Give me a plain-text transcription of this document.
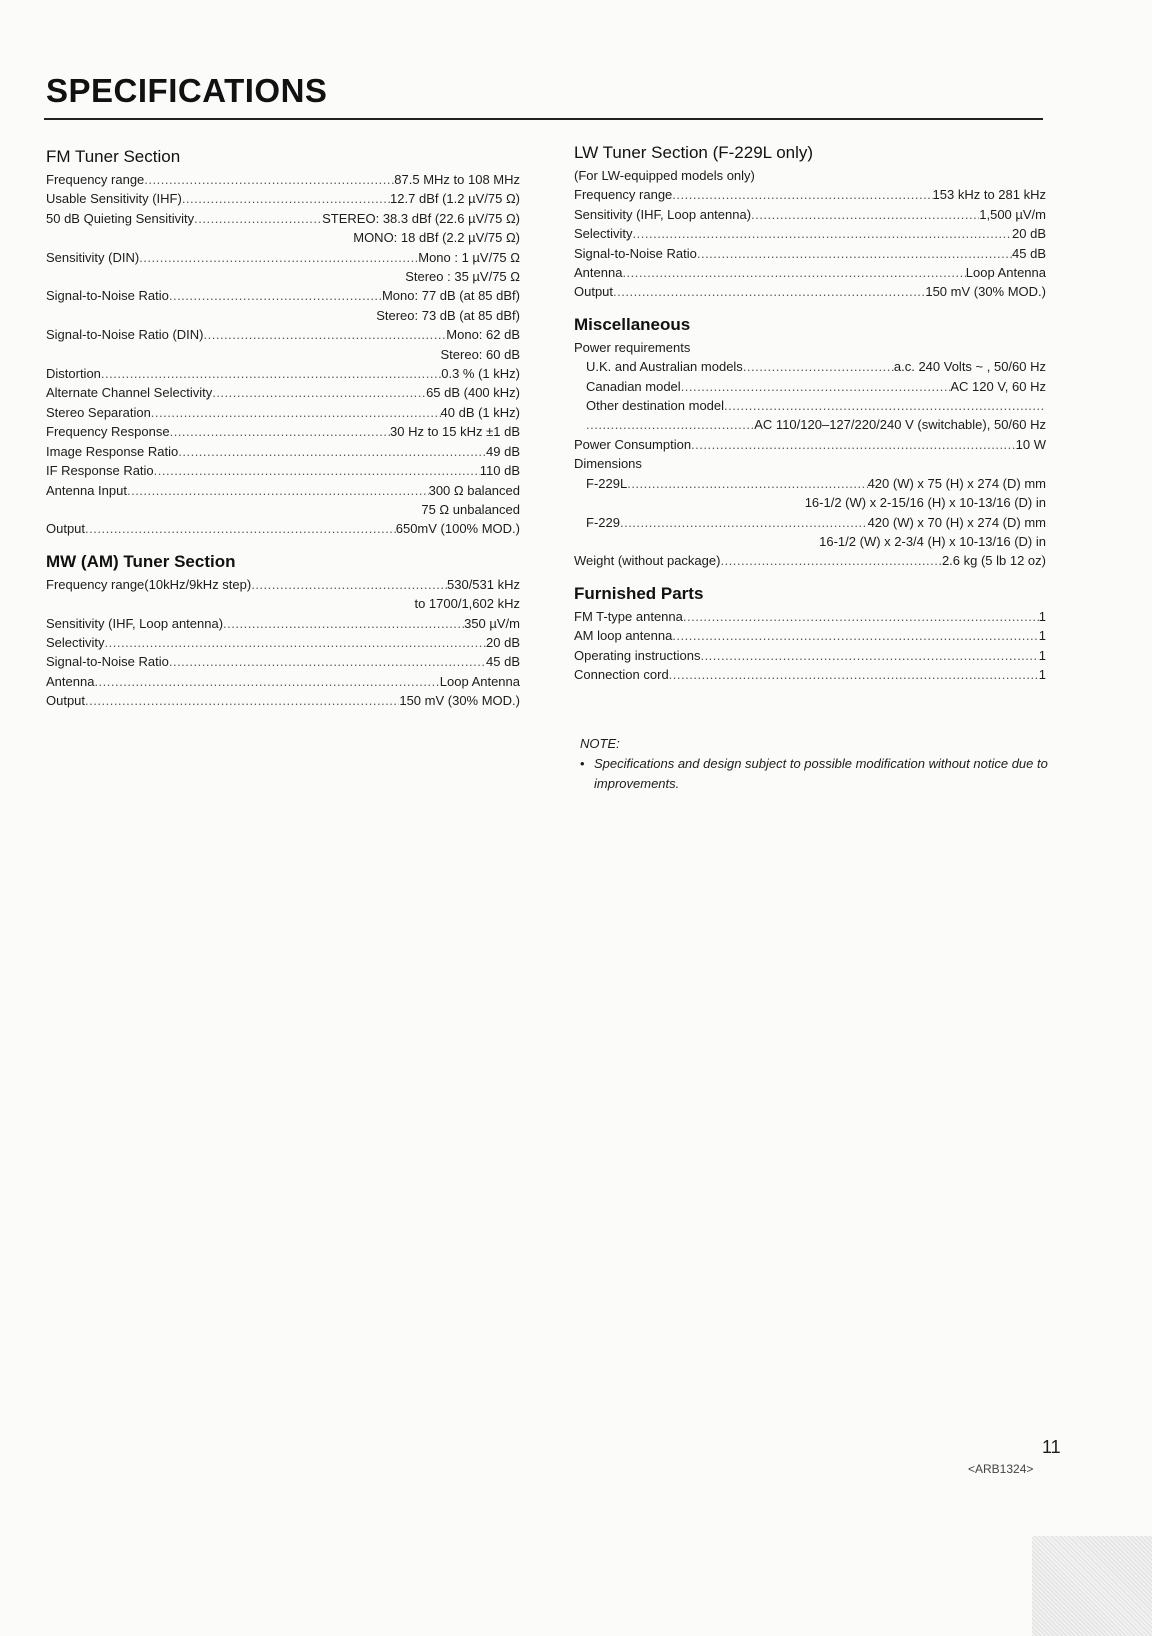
SPECIFICATIONS
FM Tuner Section
Frequency range .....	87.5 MHz to 108 MHz
Usable Sensitivity (IHF) .....	12.7 dBf (1.2 µV/75 Ω)
50 dB Quieting Sensitivity .....	STEREO: 38.3 dBf (22.6 µV/75 Ω)
MONO: 18 dBf (2.2 µV/75 Ω)
Sensitivity (DIN) .....	Mono : 1 µV/75 Ω
Stereo : 35 µV/75 Ω
Signal-to-Noise Ratio .....	Mono: 77 dB (at 85 dBf)
Stereo: 73 dB (at 85 dBf)
Signal-to-Noise Ratio (DIN) .....	Mono: 62 dB
Stereo: 60 dB
Distortion .....	0.3 % (1 kHz)
Alternate Channel Selectivity .....	65 dB (400 kHz)
Stereo Separation .....	40 dB (1 kHz)
Frequency Response .....	30 Hz to 15 kHz ±1 dB
Image Response Ratio .....	49 dB
IF Response Ratio .....	110 dB
Antenna Input .....	300 Ω balanced
75 Ω unbalanced
Output .....	650mV (100% MOD.)
MW (AM) Tuner Section
Frequency range(10kHz/9kHz step) .....	530/531 kHz
to 1700/1,602 kHz
Sensitivity (IHF, Loop antenna) .....	350 µV/m
Selectivity .....	20 dB
Signal-to-Noise Ratio .....	45 dB
Antenna .....	Loop Antenna
Output .....	150 mV (30% MOD.)
LW Tuner Section (F-229L only)
(For LW-equipped models only)
Frequency range .....	153 kHz to 281 kHz
Sensitivity (IHF, Loop antenna) .....	1,500 µV/m
Selectivity .....	20 dB
Signal-to-Noise Ratio .....	45 dB
Antenna .....	Loop Antenna
Output .....	150 mV (30% MOD.)
Miscellaneous
Power requirements
U.K. and Australian models .....	a.c. 240 Volts ~ , 50/60 Hz
Canadian model .....	AC 120 V, 60 Hz
Other destination model
.....
.....
AC 110/120–127/220/240 V (switchable), 50/60 Hz
Power Consumption .....	10 W
Dimensions
F-229L .....	420 (W) x 75 (H) x 274 (D) mm
16-1/2 (W) x 2-15/16 (H) x 10-13/16 (D) in
F-229 .....	420 (W) x 70 (H) x 274 (D) mm
16-1/2 (W) x 2-3/4 (H) x 10-13/16 (D) in
Weight (without package) .....	2.6 kg (5 lb 12 oz)
Furnished Parts
FM T-type antenna .....	1
AM loop antenna .....	1
Operating instructions .....	1
Connection cord .....	1
NOTE:
• Specifications and design subject to possible modification without notice due to improvements.
11
<ARB1324>
